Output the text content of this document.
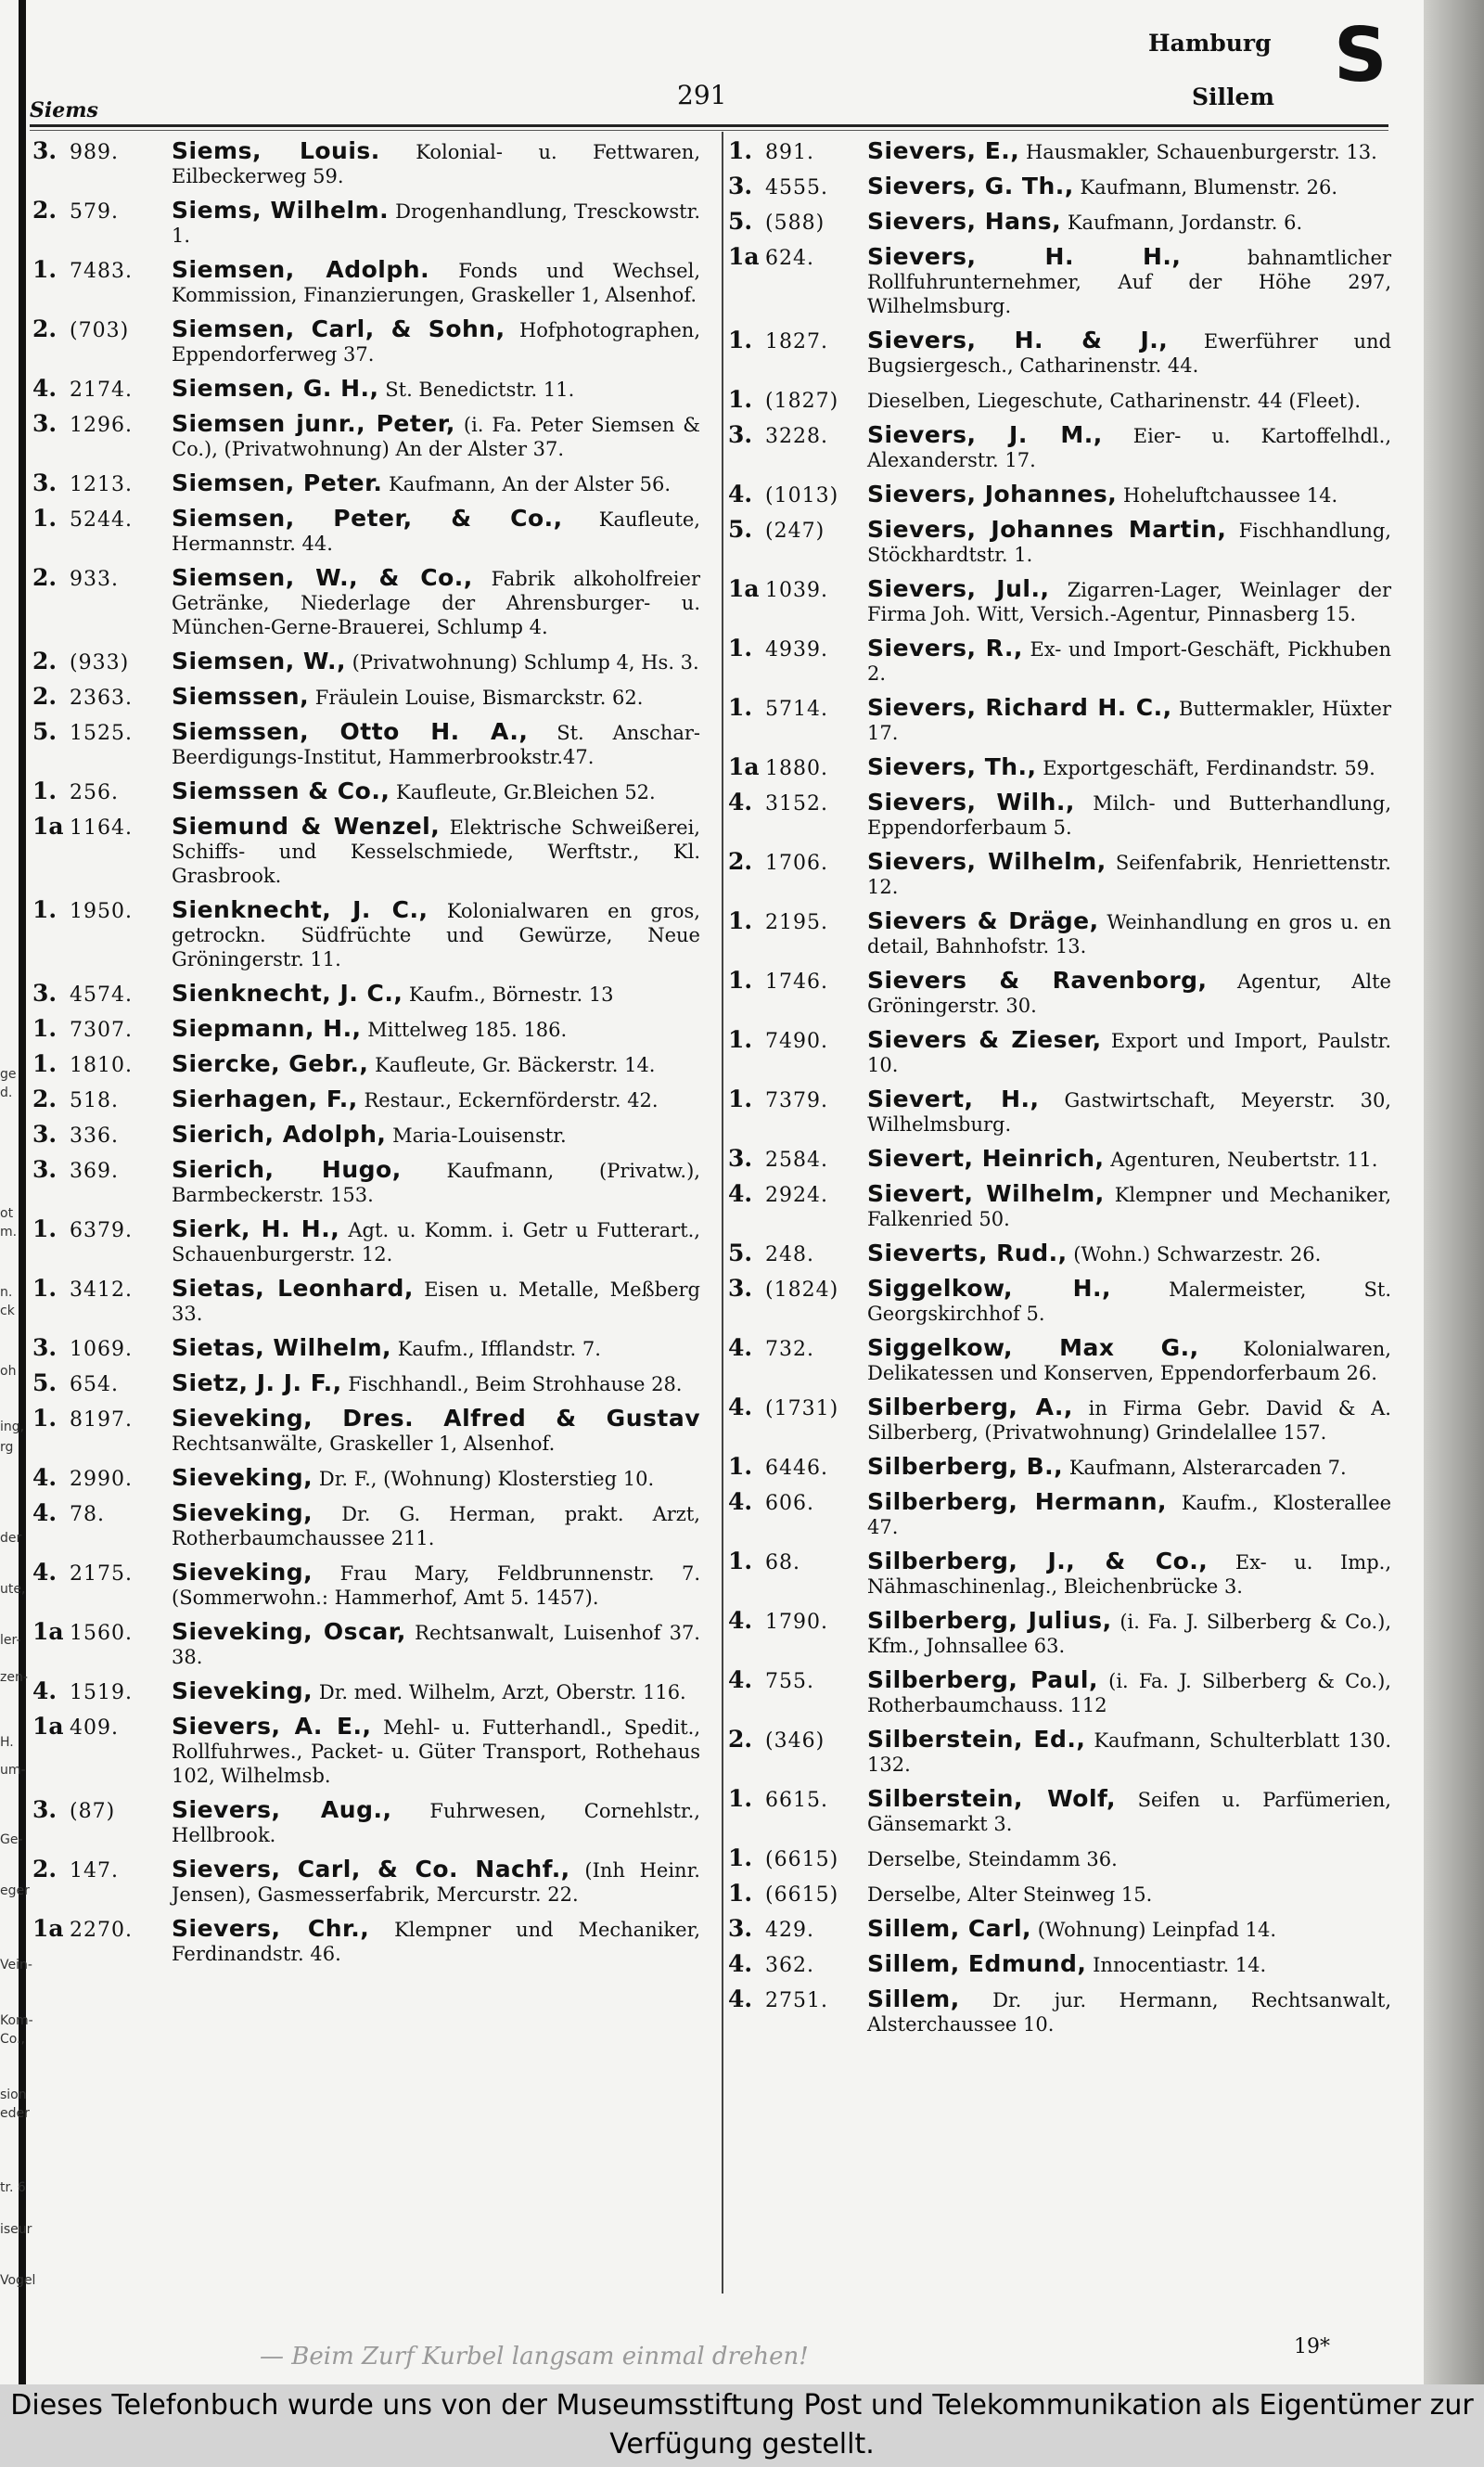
ge
d.
ot
m.
n.
ck
oh
ing,
rg
der
ute,
ler-
zen-
H.
um-
Ge-
eger
Vein-
Kom-
Co.,
sion
eder
tr. 6
iseur
Vogel
Siems	291
Hamburg
Sillem S
3. 989.	Siems, Louis. Kolonial- u. Fettwaren, Eilbeckerweg 59.
2. 579.	Siems, Wilhelm. Drogenhandlung, Tresckowstr. 1.
1. 7483.	Siemsen, Adolph. Fonds und Wechsel, Kommission, Finanzierungen, Graskeller 1, Alsenhof.
2. (703)	Siemsen, Carl, & Sohn, Hofphotographen, Eppendorferweg 37.
4. 2174.	Siemsen, G. H., St. Benedictstr. 11.
3. 1296.	Siemsen junr., Peter, (i. Fa. Peter Siemsen & Co.), (Privatwohnung) An der Alster 37.
3. 1213.	Siemsen, Peter. Kaufmann, An der Alster 56.
1. 5244.	Siemsen, Peter, & Co., Kaufleute, Hermannstr. 44.
2. 933.	Siemsen, W., & Co., Fabrik alkoholfreier Getränke, Niederlage der Ahrensburger- u. München-Gerne-Brauerei, Schlump 4.
2. (933)	Siemsen, W., (Privatwohnung) Schlump 4, Hs. 3.
2. 2363.	Siemssen, Fräulein Louise, Bismarckstr. 62.
5. 1525.	Siemssen, Otto H. A., St. Anschar-Beerdigungs-Institut, Hammerbrookstr.47.
1. 256.	Siemssen & Co., Kaufleute, Gr.Bleichen 52.
1a 1164.	Siemund & Wenzel, Elektrische Schweißerei, Schiffs- und Kesselschmiede, Werftstr., Kl. Grasbrook.
1. 1950.	Sienknecht, J. C., Kolonialwaren en gros, getrockn. Südfrüchte und Gewürze, Neue Gröningerstr. 11.
3. 4574.	Sienknecht, J. C., Kaufm., Börnestr. 13
1. 7307.	Siepmann, H., Mittelweg 185. 186.
1. 1810.	Siercke, Gebr., Kaufleute, Gr. Bäckerstr. 14.
2. 518.	Sierhagen, F., Restaur., Eckernförderstr. 42.
3. 336.	Sierich, Adolph, Maria-Louisenstr.
3. 369.	Sierich, Hugo, Kaufmann, (Privatw.), Barmbeckerstr. 153.
1. 6379.	Sierk, H. H., Agt. u. Komm. i. Getr u Futterart., Schauenburgerstr. 12.
1. 3412.	Sietas, Leonhard, Eisen u. Metalle, Meßberg 33.
3. 1069.	Sietas, Wilhelm, Kaufm., Ifflandstr. 7.
5. 654.	Sietz, J. J. F., Fischhandl., Beim Strohhause 28.
1. 8197.	Sieveking, Dres. Alfred & Gustav Rechtsanwälte, Graskeller 1, Alsenhof.
4. 2990.	Sieveking, Dr. F., (Wohnung) Klosterstieg 10.
4. 78.	Sieveking, Dr. G. Herman, prakt. Arzt, Rotherbaumchaussee 211.
4. 2175.	Sieveking, Frau Mary, Feldbrunnenstr. 7. (Sommerwohn.: Hammerhof, Amt 5. 1457).
1a 1560.	Sieveking, Oscar, Rechtsanwalt, Luisenhof 37. 38.
4. 1519.	Sieveking, Dr. med. Wilhelm, Arzt, Oberstr. 116.
1a 409.	Sievers, A. E., Mehl- u. Futterhandl., Spedit., Rollfuhrwes., Packet- u. Güter Transport, Rothehaus 102, Wilhelmsb.
3. (87)	Sievers, Aug., Fuhrwesen, Cornehlstr., Hellbrook.
2. 147.	Sievers, Carl, & Co. Nachf., (Inh Heinr. Jensen), Gasmesserfabrik, Mercurstr. 22.
1a 2270.	Sievers, Chr., Klempner und Mechaniker, Ferdinandstr. 46.
1. 891.	Sievers, E., Hausmakler, Schauenburgerstr. 13.
3. 4555.	Sievers, G. Th., Kaufmann, Blumenstr. 26.
5. (588)	Sievers, Hans, Kaufmann, Jordanstr. 6.
1a 624.	Sievers, H. H.,	bahnamtlicher Rollfuhrunternehmer, Auf der Höhe 297, Wilhelmsburg.
1. 1827.	Sievers, H. & J., Ewerführer und Bugsiergesch., Catharinenstr. 44.
1. (1827)	Dieselben, Liegeschute, Catharinenstr. 44 (Fleet).
3. 3228.	Sievers, J. M., Eier- u. Kartoffelhdl., Alexanderstr. 17.
4. (1013)	Sievers, Johannes, Hoheluftchaussee 14.
5. (247)	Sievers, Johannes Martin, Fischhandlung, Stöckhardtstr. 1.
1a 1039.	Sievers, Jul., Zigarren-Lager, Weinlager der Firma Joh. Witt, Versich.-Agentur, Pinnasberg 15.
1. 4939.	Sievers, R., Ex- und Import-Geschäft, Pickhuben 2.
1. 5714.	Sievers, Richard H. C., Buttermakler, Hüxter 17.
1a 1880.	Sievers, Th., Exportgeschäft, Ferdinandstr. 59.
4. 3152.	Sievers, Wilh., Milch- und Butterhandlung, Eppendorferbaum 5.
2. 1706.	Sievers, Wilhelm, Seifenfabrik, Henriettenstr. 12.
1. 2195.	Sievers & Dräge, Weinhandlung en gros u. en detail, Bahnhofstr. 13.
1. 1746.	Sievers & Ravenborg, Agentur, Alte Gröningerstr. 30.
1. 7490.	Sievers & Zieser, Export und Import, Paulstr. 10.
1. 7379.	Sievert, H., Gastwirtschaft, Meyerstr. 30, Wilhelmsburg.
3. 2584.	Sievert, Heinrich, Agenturen, Neubertstr. 11.
4. 2924.	Sievert, Wilhelm, Klempner und Mechaniker, Falkenried 50.
5. 248.	Sieverts, Rud., (Wohn.) Schwarzestr. 26.
3. (1824)	Siggelkow, H.,	Malermeister, St. Georgskirchhof 5.
4. 732.	Siggelkow, Max G., Kolonialwaren, Delikatessen und Konserven, Eppendorferbaum 26.
4. (1731)	Silberberg, A., in Firma Gebr. David & A. Silberberg, (Privatwohnung) Grindelallee 157.
1. 6446.	Silberberg, B., Kaufmann, Alsterarcaden 7.
4. 606.	Silberberg, Hermann, Kaufm., Klosterallee 47.
1. 68.	Silberberg, J., & Co., Ex- u. Imp., Nähmaschinenlag., Bleichenbrücke 3.
4. 1790.	Silberberg, Julius, (i. Fa. J. Silberberg & Co.), Kfm., Johnsallee 63.
4. 755.	Silberberg, Paul, (i. Fa. J. Silberberg & Co.), Rotherbaumchauss. 112
2. (346)	Silberstein, Ed., Kaufmann, Schulterblatt 130. 132.
1. 6615.	Silberstein, Wolf, Seifen u. Parfümerien, Gänsemarkt 3.
1. (6615)	Derselbe, Steindamm 36.
1. (6615)	Derselbe, Alter Steinweg 15.
3. 429.	Sillem, Carl, (Wohnung) Leinpfad 14.
4. 362.	Sillem, Edmund, Innocentiastr. 14.
4. 2751.	Sillem, Dr. jur. Hermann, Rechtsanwalt, Alsterchaussee 10.
— Beim Zurf Kurbel langsam einmal drehen!	19*
Dieses Telefonbuch wurde uns von der Museumsstiftung Post und Telekommunikation als Eigentümer zur Verfügung gestellt.
